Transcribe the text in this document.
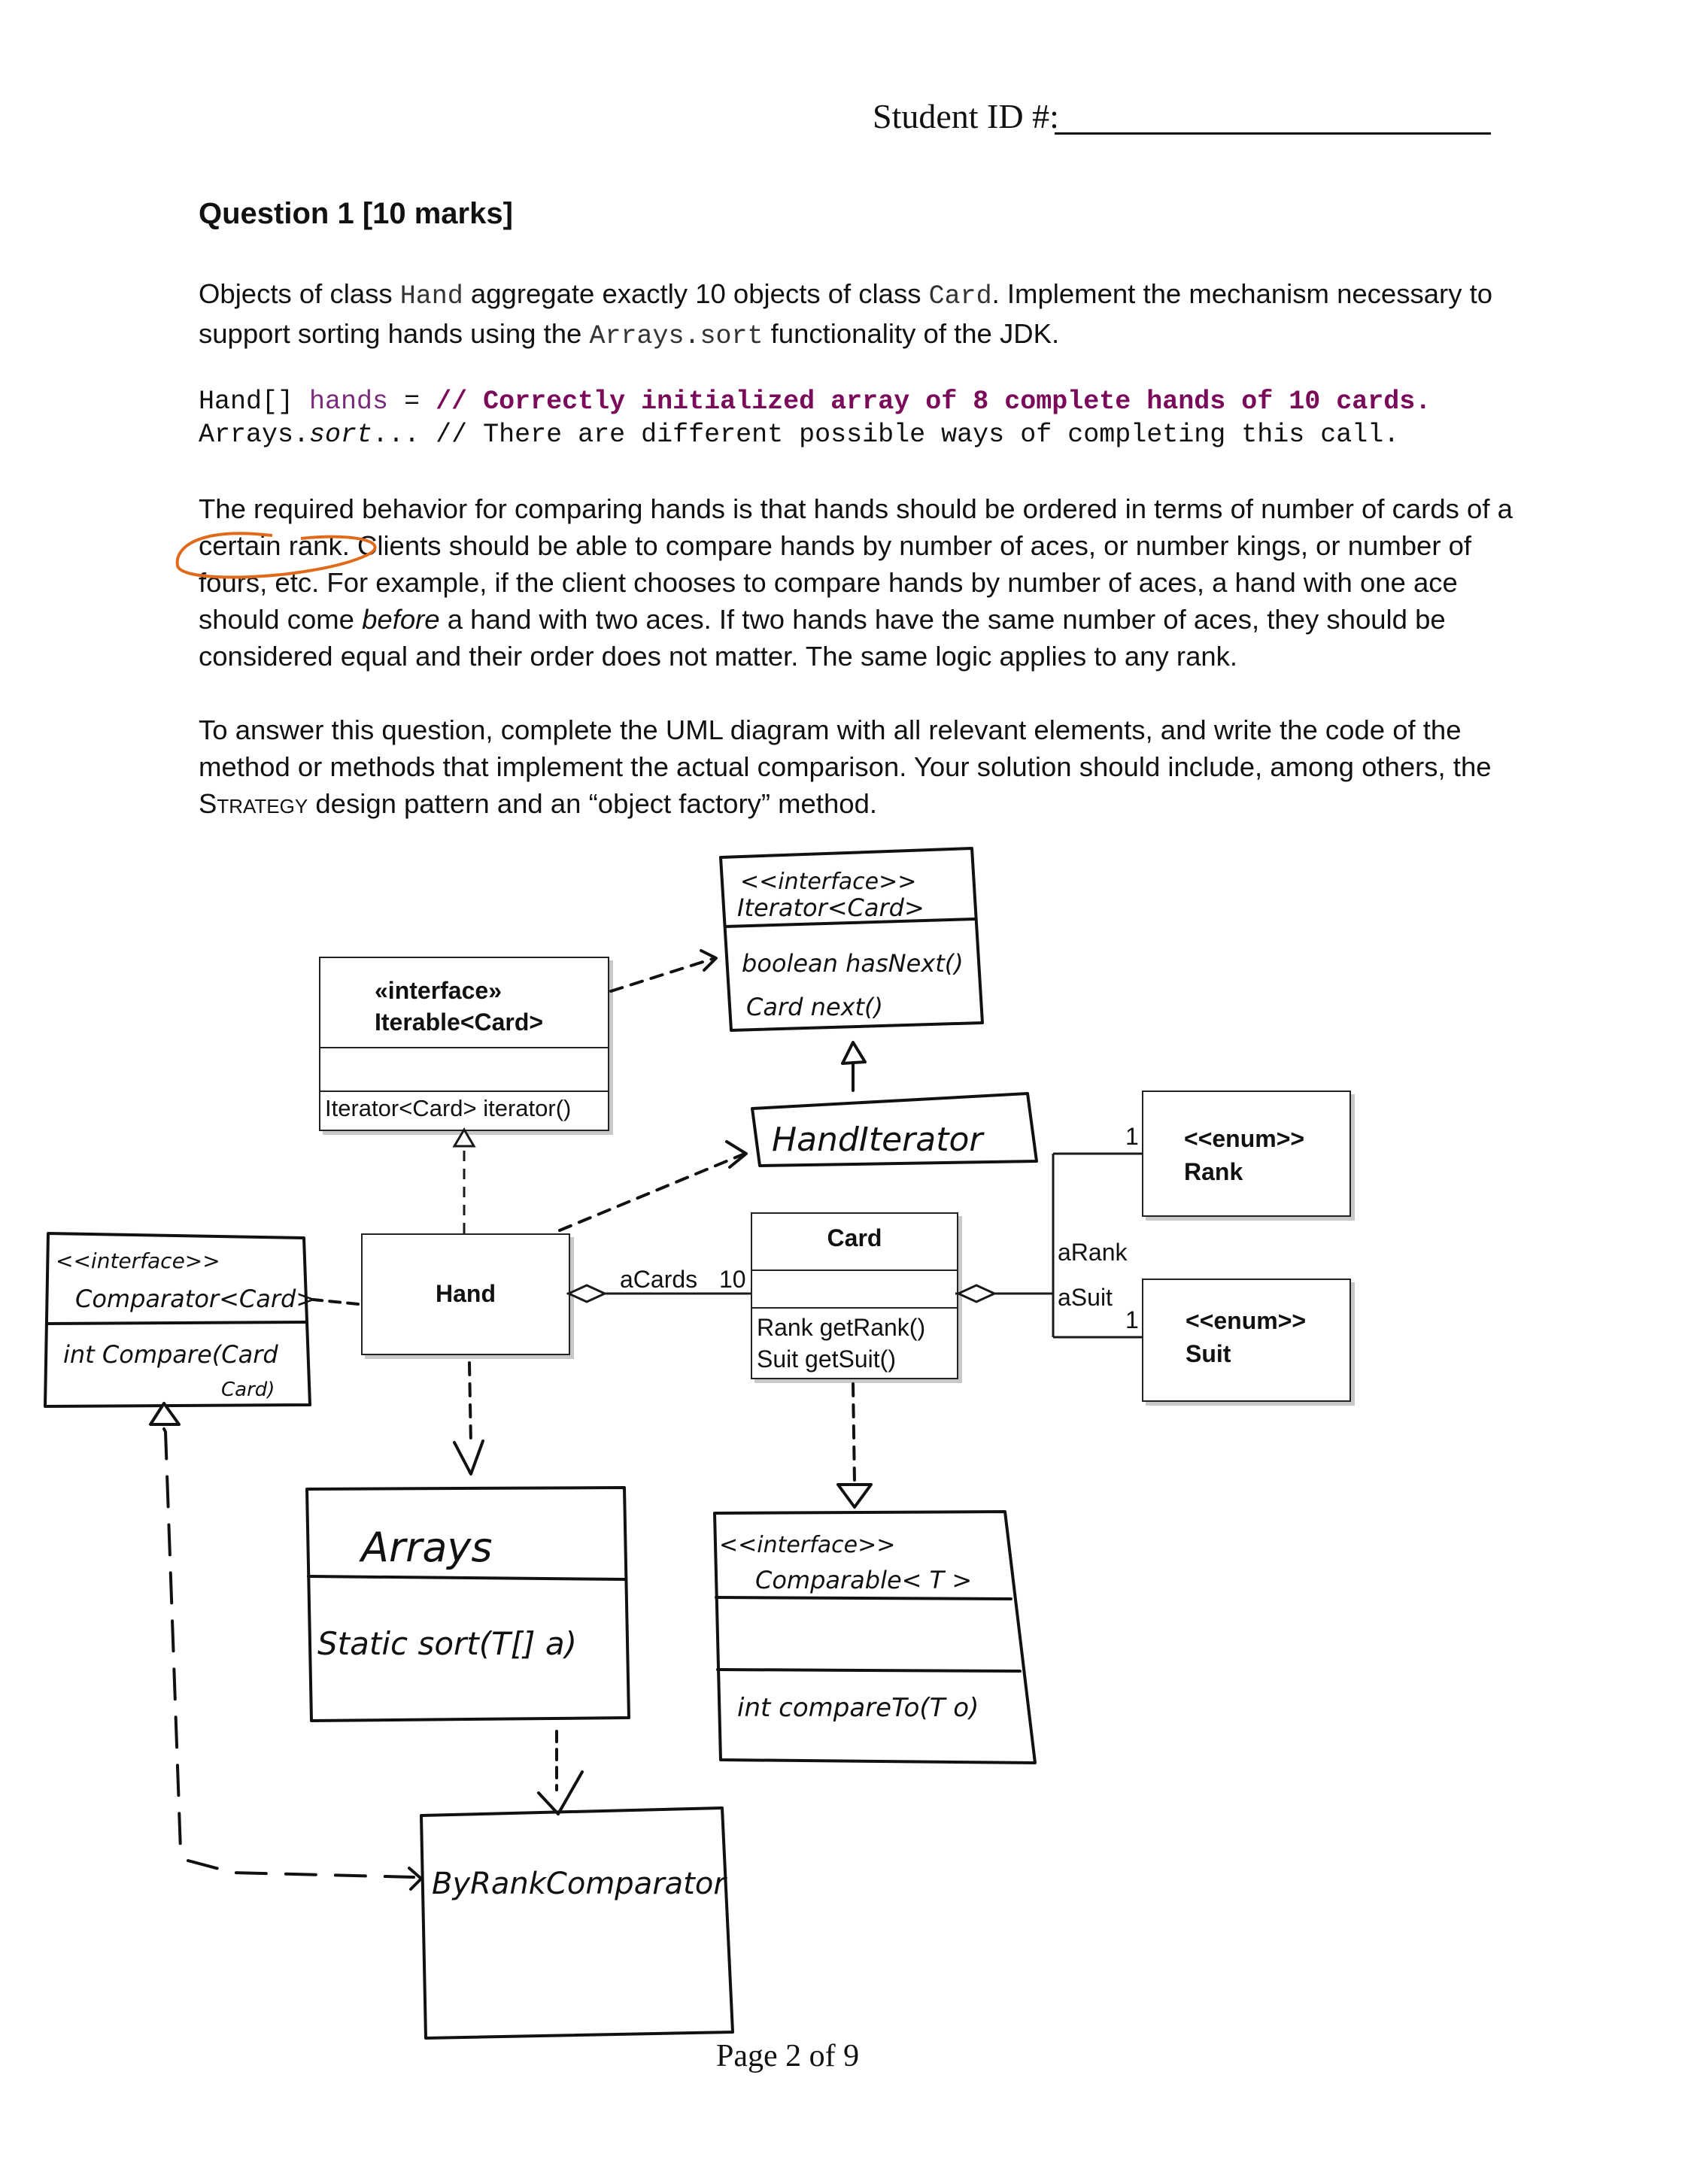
Student ID #:
Question 1 [10 marks]
Objects of class Hand aggregate exactly 10 objects of class Card. Implement the mechanism necessary to support sorting hands using the Arrays.sort functionality of the JDK.
Hand[] hands = // Correctly initialized array of 8 complete hands of 10 cards.
Arrays.sort... // There are different possible ways of completing this call.
The required behavior for comparing hands is that hands should be ordered in terms of number of cards of a certain rank. Clients should be able to compare hands by number of aces, or number kings, or number of fours, etc. For example, if the client chooses to compare hands by number of aces, a hand with one ace should come before a hand with two aces. If two hands have the same number of aces, they should be considered equal and their order does not matter. The same logic applies to any rank.
To answer this question, complete the UML diagram with all relevant elements, and write the code of the method or methods that implement the actual comparison. Your solution should include, among others, the Strategy design pattern and an “object factory” method.
«interface»
Iterable<Card>
Iterator<Card> iterator()
Hand
Card
Rank getRank()
Suit getSuit()
<<enum>>
Rank
<<enum>>
Suit
aCards 10
aRank
aSuit
1
1
<<interface>>
Iterator<Card>
boolean hasNext()
Card next()
HandIterator
<<interface>>
Comparator<Card>
int Compare(Card
Card)
Arrays
Static sort(T[] a)
ByRankComparator
<<interface>>
Comparable< T >
int compareTo(T o)
Page 2 of 9
